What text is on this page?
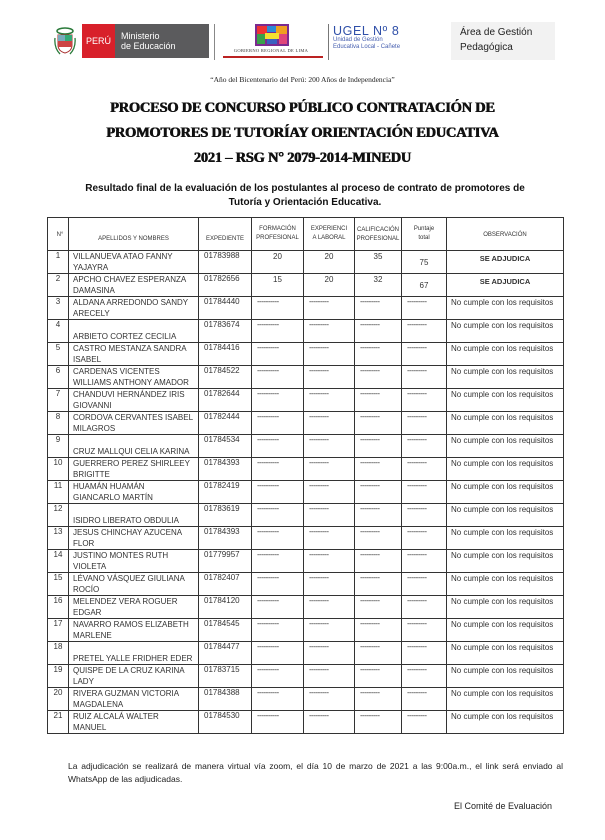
PERÚ Ministerio
de Educación	GOBIERNO REGIONAL DE LIMA
UGEL Nº 8
Unidad de Gestión
Educativa Local - Cañete
Área de Gestión
Pedagógica
“Año del Bicentenario del Perú: 200 Años de Independencia”
PROCESO DE CONCURSO PÚBLICO CONTRATACIÓN DE
PROMOTORES DE TUTORÍAY ORIENTACIÓN EDUCATIVA
2021 – RSG N° 2079-2014-MINEDU
Resultado final de la evaluación de los postulantes al proceso de contrato de promotores de
Tutoría y Orientación Educativa.
N°	APELLIDOS Y NOMBRES	EXPEDIENTE	FORMACIÓN
PROFESIONAL	EXPERIENCI
A LABORAL	CALIFICACIÓN
PROFESIONAL	Puntaje
total	OBSERVACIÓN
1	VILLANUEVA ATAO FANNY
YAJAYRA	01783988	20	20	35	75	SE ADJUDICA
2	APCHO CHAVEZ ESPERANZA
DAMASINA	01782656	15	20	32	67	SE ADJUDICA
3	ALDANA ARREDONDO SANDY
ARECELY	01784440	----------	---------	---------	---------	No cumple con los requisitos
4	ARBIETO CORTEZ CECILIA	01783674	----------	---------	---------	---------	No cumple con los requisitos
5	CASTRO MESTANZA SANDRA
ISABEL	01784416	----------	---------	---------	---------	No cumple con los requisitos
6	CARDENAS VICENTES
WILLIAMS ANTHONY AMADOR	01784522	----------	---------	---------	---------	No cumple con los requisitos
7	CHANDUVI HERNÁNDEZ IRIS
GIOVANNI	01782644	----------	---------	---------	---------	No cumple con los requisitos
8	CORDOVA CERVANTES ISABEL
MILAGROS	01782444	----------	---------	---------	---------	No cumple con los requisitos
9	CRUZ MALLQUI CELIA KARINA	01784534	----------	---------	---------	---------	No cumple con los requisitos
10	GUERRERO PEREZ SHIRLEEY
BRIGITTE	01784393	----------	---------	---------	---------	No cumple con los requisitos
11	HUAMÁN HUAMÁN
GIANCARLO MARTÍN	01782419	----------	---------	---------	---------	No cumple con los requisitos
12	ISIDRO LIBERATO OBDULIA	01783619	----------	---------	---------	---------	No cumple con los requisitos
13	JESUS CHINCHAY AZUCENA
FLOR	01784393	----------	---------	---------	---------	No cumple con los requisitos
14	JUSTINO MONTES RUTH
VIOLETA	01779957	----------	---------	---------	---------	No cumple con los requisitos
15	LÉVANO VÁSQUEZ GIULIANA
ROCÍO	01782407	----------	---------	---------	---------	No cumple con los requisitos
16	MELENDEZ VERA ROGUER
EDGAR	01784120	----------	---------	---------	---------	No cumple con los requisitos
17	NAVARRO RAMOS ELIZABETH
MARLENE	01784545	----------	---------	---------	---------	No cumple con los requisitos
18	PRETEL YALLE FRIDHER EDER	01784477	----------	---------	---------	---------	No cumple con los requisitos
19	QUISPE DE LA CRUZ KARINA
LADY	01783715	----------	---------	---------	---------	No cumple con los requisitos
20	RIVERA GUZMAN VICTORIA
MAGDALENA	01784388	----------	---------	---------	---------	No cumple con los requisitos
21	RUIZ ALCALÁ WALTER
MANUEL	01784530	----------	---------	---------	---------	No cumple con los requisitos
La adjudicación se realizará de manera virtual vía zoom, el día 10 de marzo de 2021 a las 9:00a.m., el link será enviado al WhatsApp de las adjudicadas.
El Comité de Evaluación
